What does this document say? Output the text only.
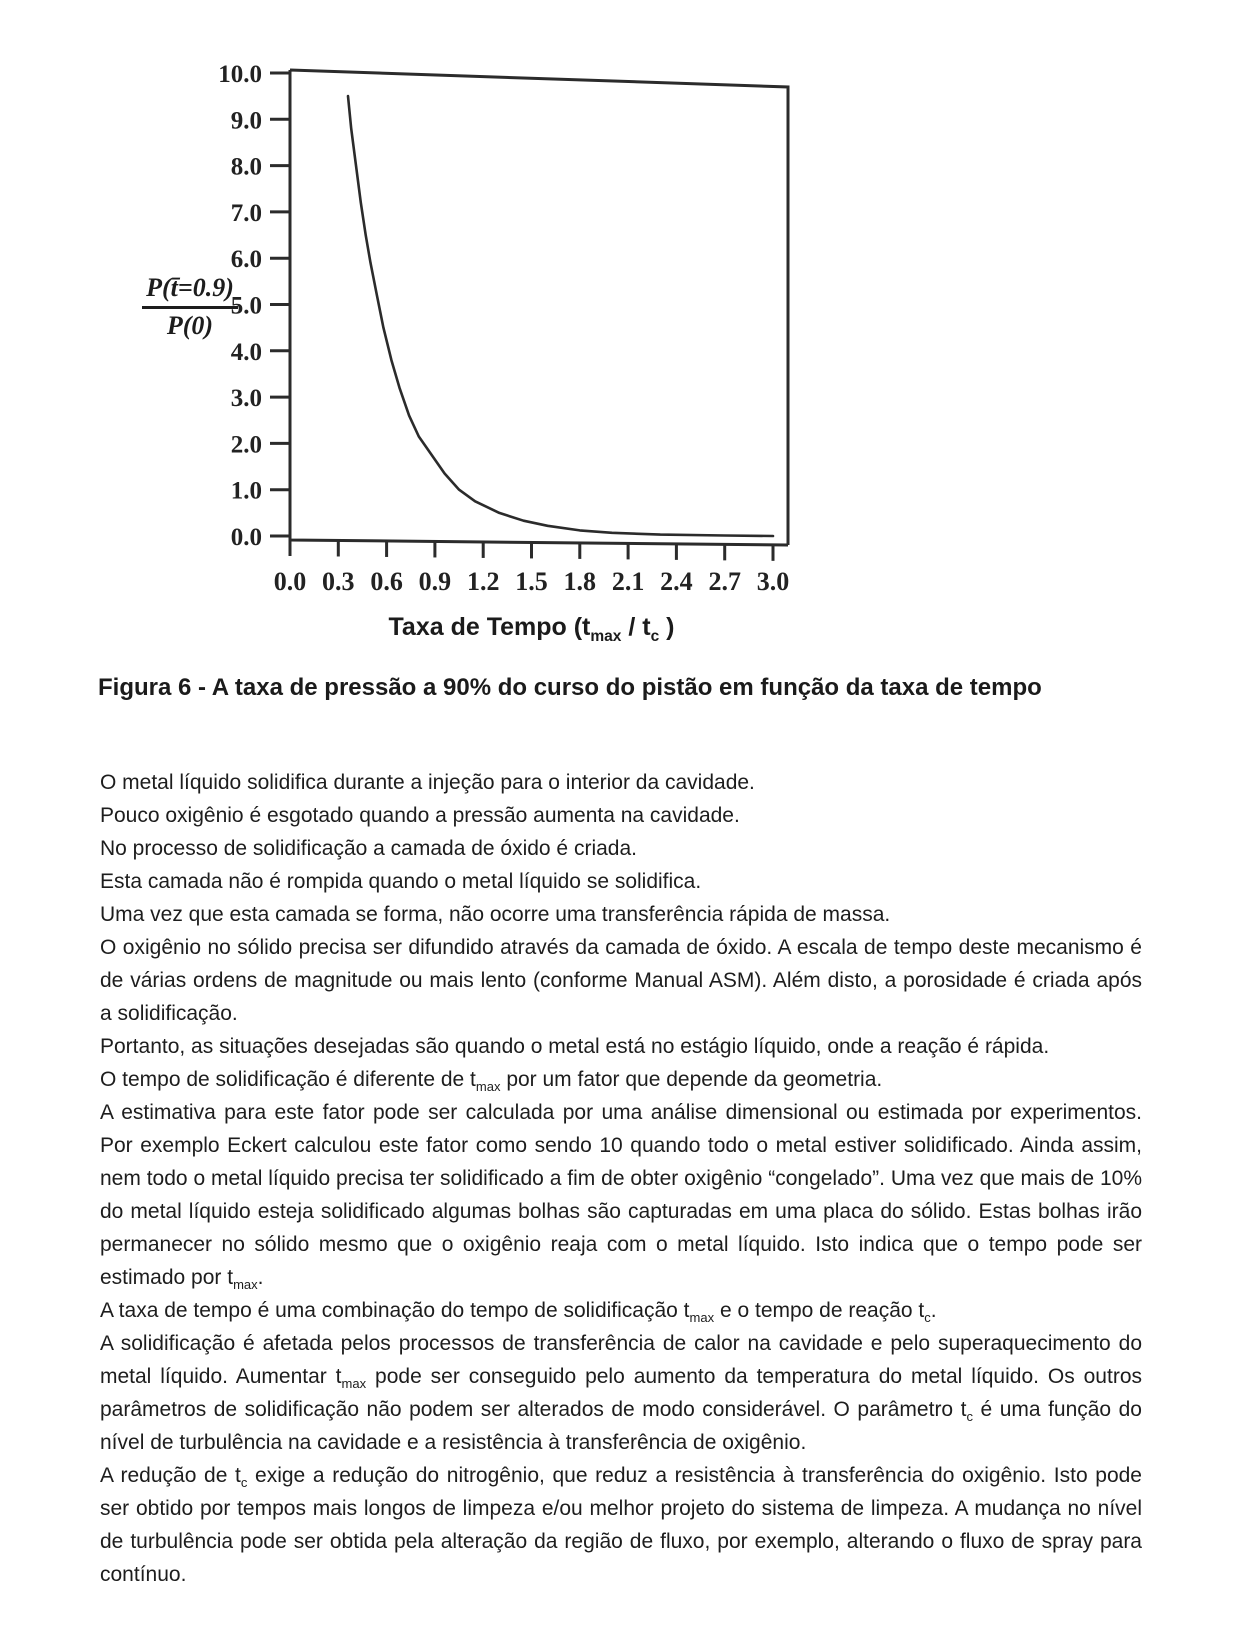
$\frac{P(t̄=0.9)}{P(0)}$
10.0
9.0
8.0
7.0
6.0
5.0
4.0
3.0
2.0
1.0
0.0
0.0 0.3 0.6 0.9 1.2 1.5 1.8 2.1 2.4 2.7 3.0
Taxa de Tempo ($t_{max} / t_c$ )
Figura 6 - A taxa de pressão a 90% do curso do pistão em função da taxa de tempo

O metal líquido solidifica durante a injeção para o interior da cavidade.

Pouco oxigênio é esgotado quando a pressão aumenta na cavidade.

No processo de solidificação a camada de óxido é criada.

Esta camada não é rompida quando o metal líquido se solidifica.

Uma vez que esta camada se forma, não ocorre uma transferência rápida de massa.

O oxigênio no sólido precisa ser difundido através da camada de óxido. A escala de tempo deste mecanismo é de várias ordens de magnitude ou mais lento (conforme Manual ASM). Além disto, a porosidade é criada após a solidificação.

Portanto, as situações desejadas são quando o metal está no estágio líquido, onde a reação é rápida.

O tempo de solidificação é diferente de $t_{max}$ por um fator que depende da geometria.

A estimativa para este fator pode ser calculada por uma análise dimensional ou estimada por experimentos. Por exemplo Eckert calculou este fator como sendo 10 quando todo o metal estiver solidificado. Ainda assim, nem todo o metal líquido precisa ter solidificado a fim de obter oxigênio “congelado”. Uma vez que mais de 10% do metal líquido esteja solidificado algumas bolhas são capturadas em uma placa do sólido. Estas bolhas irão permanecer no sólido mesmo que o oxigênio reaja com o metal líquido. Isto indica que o tempo pode ser estimado por $t_{max}$.

A taxa de tempo é uma combinação do tempo de solidificação $t_{max}$ e o tempo de reação $t_c$.

A solidificação é afetada pelos processos de transferência de calor na cavidade e pelo superaquecimento do metal líquido. Aumentar $t_{max}$ pode ser conseguido pelo aumento da temperatura do metal líquido. Os outros parâmetros de solidificação não podem ser alterados de modo considerável. O parâmetro $t_c$ é uma função do nível de turbulência na cavidade e a resistência à transferência de oxigênio.

A redução de $t_c$ exige a redução do nitrogênio, que reduz a resistência à transferência do oxigênio. Isto pode ser obtido por tempos mais longos de limpeza e/ou melhor projeto do sistema de limpeza. A mudança no nível de turbulência pode ser obtida pela alteração da região de fluxo, por exemplo, alterando o fluxo de spray para contínuo.
